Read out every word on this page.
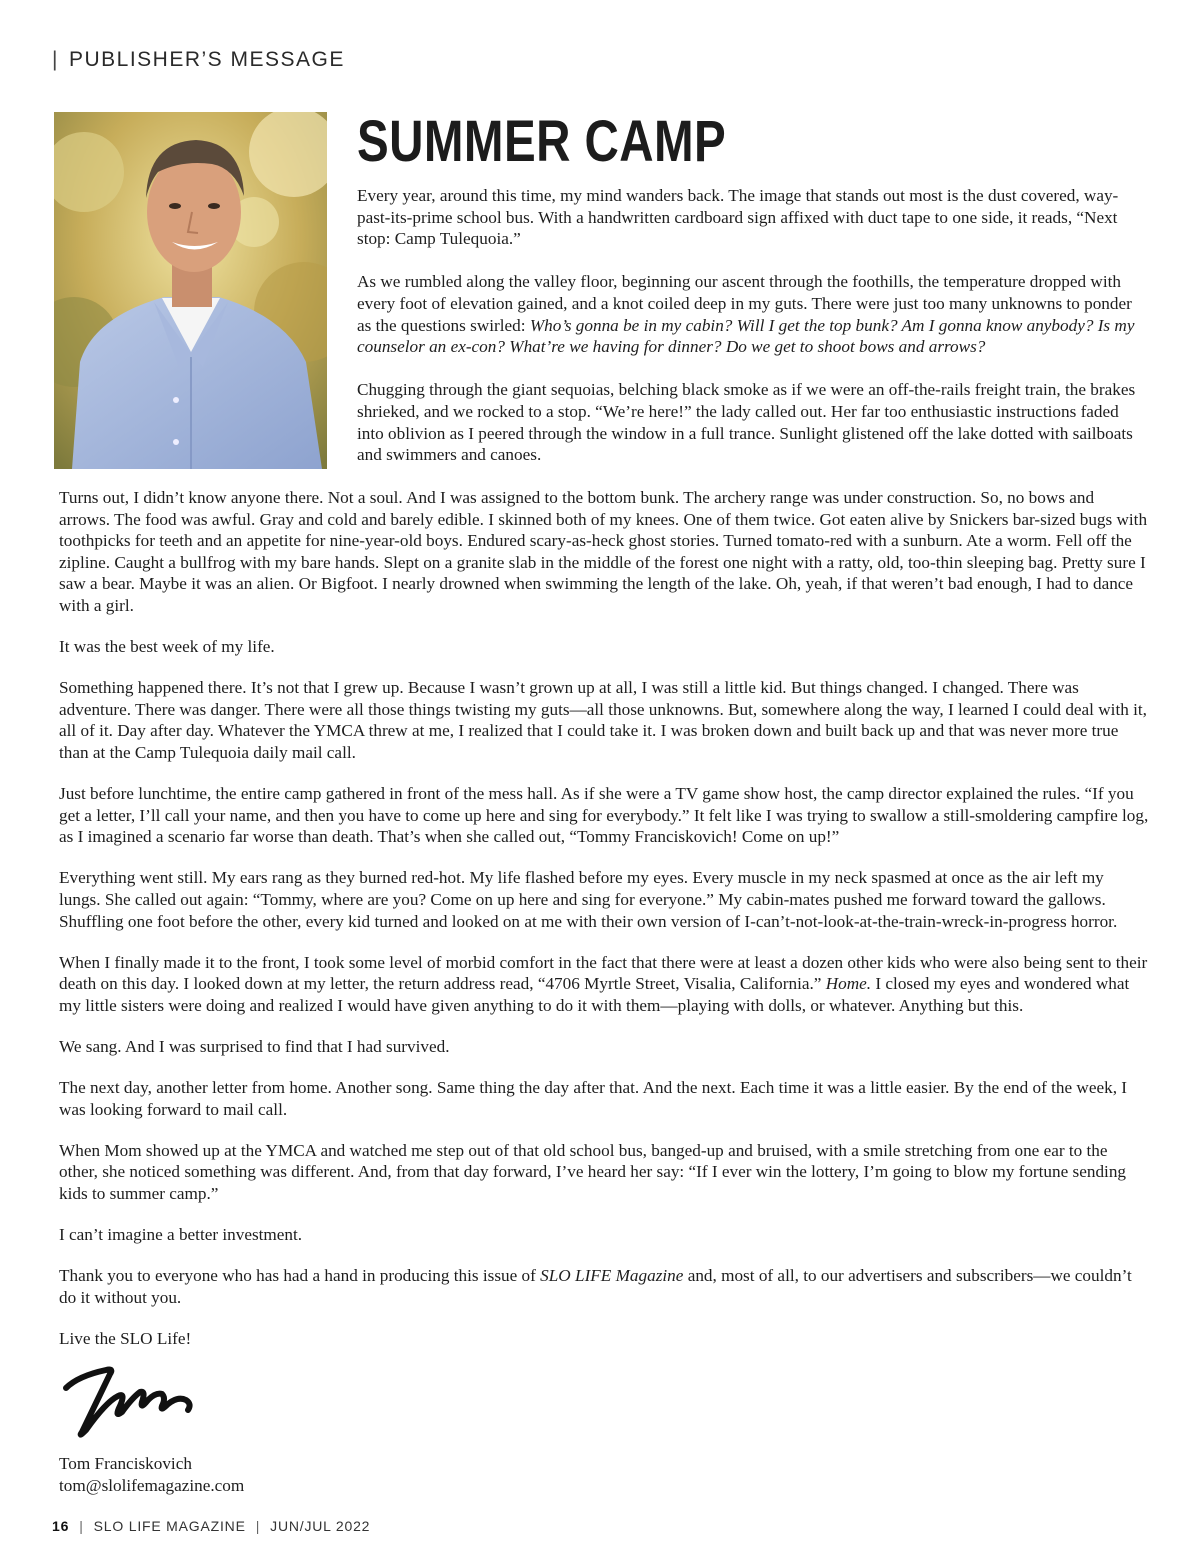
| PUBLISHER’S MESSAGE
SUMMER CAMP

Every year, around this time, my mind wanders back. The image that stands out most is the dust covered, way-past-its-prime school bus. With a handwritten cardboard sign affixed with duct tape to one side, it reads, “Next stop: Camp Tulequoia.”

As we rumbled along the valley floor, beginning our ascent through the foothills, the temperature dropped with every foot of elevation gained, and a knot coiled deep in my guts. There were just too many unknowns to ponder as the questions swirled: Who’s gonna be in my cabin? Will I get the top bunk? Am I gonna know anybody? Is my counselor an ex-con? What’re we having for dinner? Do we get to shoot bows and arrows?

Chugging through the giant sequoias, belching black smoke as if we were an off-the-rails freight train, the brakes shrieked, and we rocked to a stop. “We’re here!” the lady called out. Her far too enthusiastic instructions faded into oblivion as I peered through the window in a full trance. Sunlight glistened off the lake dotted with sailboats and swimmers and canoes.

Turns out, I didn’t know anyone there. Not a soul. And I was assigned to the bottom bunk. The archery range was under construction. So, no bows and arrows. The food was awful. Gray and cold and barely edible. I skinned both of my knees. One of them twice. Got eaten alive by Snickers bar-sized bugs with toothpicks for teeth and an appetite for nine-year-old boys. Endured scary-as-heck ghost stories. Turned tomato-red with a sunburn. Ate a worm. Fell off the zipline. Caught a bullfrog with my bare hands. Slept on a granite slab in the middle of the forest one night with a ratty, old, too-thin sleeping bag. Pretty sure I saw a bear. Maybe it was an alien. Or Bigfoot. I nearly drowned when swimming the length of the lake. Oh, yeah, if that weren’t bad enough, I had to dance with a girl.

It was the best week of my life.

Something happened there. It’s not that I grew up. Because I wasn’t grown up at all, I was still a little kid. But things changed. I changed. There was adventure. There was danger. There were all those things twisting my guts—all those unknowns. But, somewhere along the way, I learned I could deal with it, all of it. Day after day. Whatever the YMCA threw at me, I realized that I could take it. I was broken down and built back up and that was never more true than at the Camp Tulequoia daily mail call.

Just before lunchtime, the entire camp gathered in front of the mess hall. As if she were a TV game show host, the camp director explained the rules. “If you get a letter, I’ll call your name, and then you have to come up here and sing for everybody.” It felt like I was trying to swallow a still-smoldering campfire log, as I imagined a scenario far worse than death. That’s when she called out, “Tommy Franciskovich! Come on up!”

Everything went still. My ears rang as they burned red-hot. My life flashed before my eyes. Every muscle in my neck spasmed at once as the air left my lungs. She called out again: “Tommy, where are you? Come on up here and sing for everyone.” My cabin-mates pushed me forward toward the gallows. Shuffling one foot before the other, every kid turned and looked on at me with their own version of I-can’t-not-look-at-the-train-wreck-in-progress horror.

When I finally made it to the front, I took some level of morbid comfort in the fact that there were at least a dozen other kids who were also being sent to their death on this day. I looked down at my letter, the return address read, “4706 Myrtle Street, Visalia, California.” Home. I closed my eyes and wondered what my little sisters were doing and realized I would have given anything to do it with them—playing with dolls, or whatever. Anything but this.

We sang. And I was surprised to find that I had survived.

The next day, another letter from home. Another song. Same thing the day after that. And the next. Each time it was a little easier. By the end of the week, I was looking forward to mail call.

When Mom showed up at the YMCA and watched me step out of that old school bus, banged-up and bruised, with a smile stretching from one ear to the other, she noticed something was different. And, from that day forward, I’ve heard her say: “If I ever win the lottery, I’m going to blow my fortune sending kids to summer camp.”

I can’t imagine a better investment.

Thank you to everyone who has had a hand in producing this issue of SLO LIFE Magazine and, most of all, to our advertisers and subscribers—we couldn’t do it without you.

Live the SLO Life!

Tom Franciskovich
tom@slolifemagazine.com
16 | SLO LIFE MAGAZINE | JUN/JUL 2022
